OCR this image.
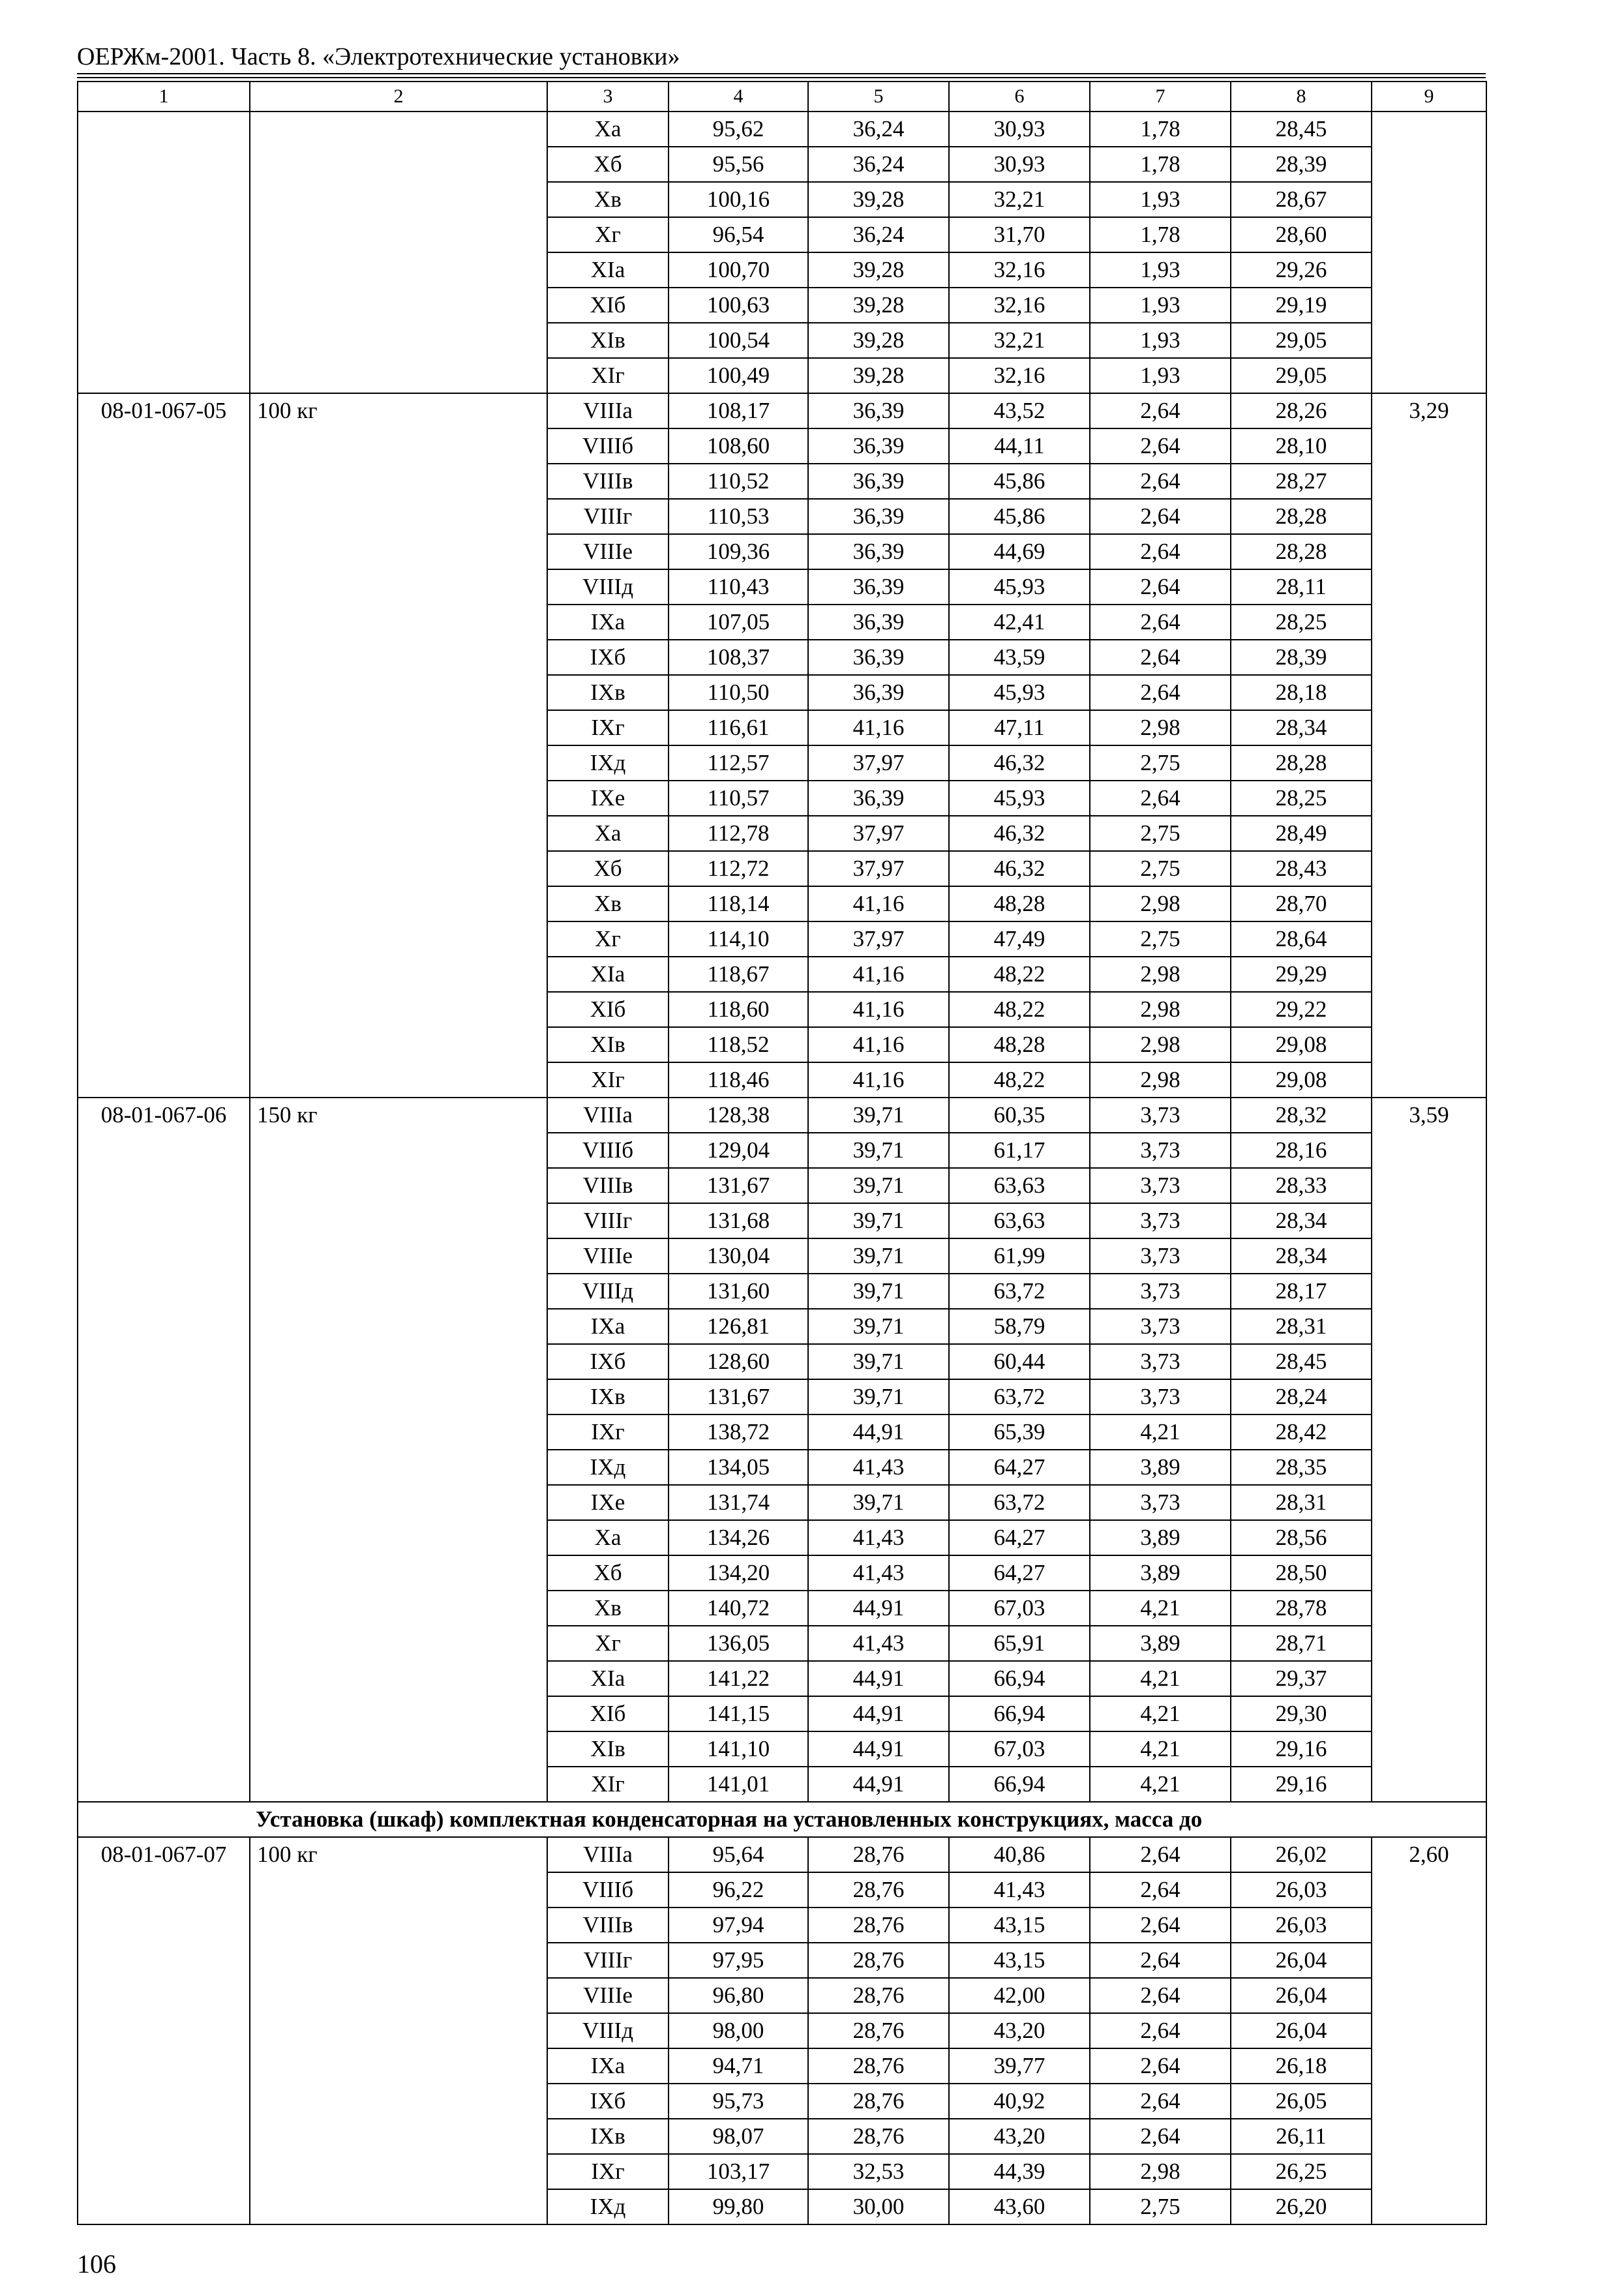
ОЕРЖм-2001. Часть 8. «Электротехнические установки»
1	2	3	4	5	6	7	8	9
		Xa	95,62	36,24	30,93	1,78	28,45	
		Xб	95,56	36,24	30,93	1,78	28,39	
		Xв	100,16	39,28	32,21	1,93	28,67	
		Xг	96,54	36,24	31,70	1,78	28,60	
		XIa	100,70	39,28	32,16	1,93	29,26	
		XIб	100,63	39,28	32,16	1,93	29,19	
		XIв	100,54	39,28	32,21	1,93	29,05	
		XIг	100,49	39,28	32,16	1,93	29,05	
08-01-067-05	100 кг	VIIIa	108,17	36,39	43,52	2,64	28,26	3,29
		VIIIб	108,60	36,39	44,11	2,64	28,10	
		VIIIв	110,52	36,39	45,86	2,64	28,27	
		VIIIг	110,53	36,39	45,86	2,64	28,28	
		VIIIe	109,36	36,39	44,69	2,64	28,28	
		VIIIд	110,43	36,39	45,93	2,64	28,11	
		IXa	107,05	36,39	42,41	2,64	28,25	
		IXб	108,37	36,39	43,59	2,64	28,39	
		IXв	110,50	36,39	45,93	2,64	28,18	
		IXг	116,61	41,16	47,11	2,98	28,34	
		IXд	112,57	37,97	46,32	2,75	28,28	
		IXe	110,57	36,39	45,93	2,64	28,25	
		Xa	112,78	37,97	46,32	2,75	28,49	
		Xб	112,72	37,97	46,32	2,75	28,43	
		Xв	118,14	41,16	48,28	2,98	28,70	
		Xг	114,10	37,97	47,49	2,75	28,64	
		XIa	118,67	41,16	48,22	2,98	29,29	
		XIб	118,60	41,16	48,22	2,98	29,22	
		XIв	118,52	41,16	48,28	2,98	29,08	
		XIг	118,46	41,16	48,22	2,98	29,08	
08-01-067-06	150 кг	VIIIa	128,38	39,71	60,35	3,73	28,32	3,59
		VIIIб	129,04	39,71	61,17	3,73	28,16	
		VIIIв	131,67	39,71	63,63	3,73	28,33	
		VIIIг	131,68	39,71	63,63	3,73	28,34	
		VIIIe	130,04	39,71	61,99	3,73	28,34	
		VIIIд	131,60	39,71	63,72	3,73	28,17	
		IXa	126,81	39,71	58,79	3,73	28,31	
		IXб	128,60	39,71	60,44	3,73	28,45	
		IXв	131,67	39,71	63,72	3,73	28,24	
		IXг	138,72	44,91	65,39	4,21	28,42	
		IXд	134,05	41,43	64,27	3,89	28,35	
		IXe	131,74	39,71	63,72	3,73	28,31	
		Xa	134,26	41,43	64,27	3,89	28,56	
		Xб	134,20	41,43	64,27	3,89	28,50	
		Xв	140,72	44,91	67,03	4,21	28,78	
		Xг	136,05	41,43	65,91	3,89	28,71	
		XIa	141,22	44,91	66,94	4,21	29,37	
		XIб	141,15	44,91	66,94	4,21	29,30	
		XIв	141,10	44,91	67,03	4,21	29,16	
		XIг	141,01	44,91	66,94	4,21	29,16	
Установка (шкаф) комплектная конденсаторная на установленных конструкциях, масса до								
08-01-067-07	100 кг	VIIIa	95,64	28,76	40,86	2,64	26,02	2,60
		VIIIб	96,22	28,76	41,43	2,64	26,03	
		VIIIв	97,94	28,76	43,15	2,64	26,03	
		VIIIг	97,95	28,76	43,15	2,64	26,04	
		VIIIe	96,80	28,76	42,00	2,64	26,04	
		VIIIд	98,00	28,76	43,20	2,64	26,04	
		IXa	94,71	28,76	39,77	2,64	26,18	
		IXб	95,73	28,76	40,92	2,64	26,05	
		IXв	98,07	28,76	43,20	2,64	26,11	
		IXг	103,17	32,53	44,39	2,98	26,25	
		IXд	99,80	30,00	43,60	2,75	26,20	
106
